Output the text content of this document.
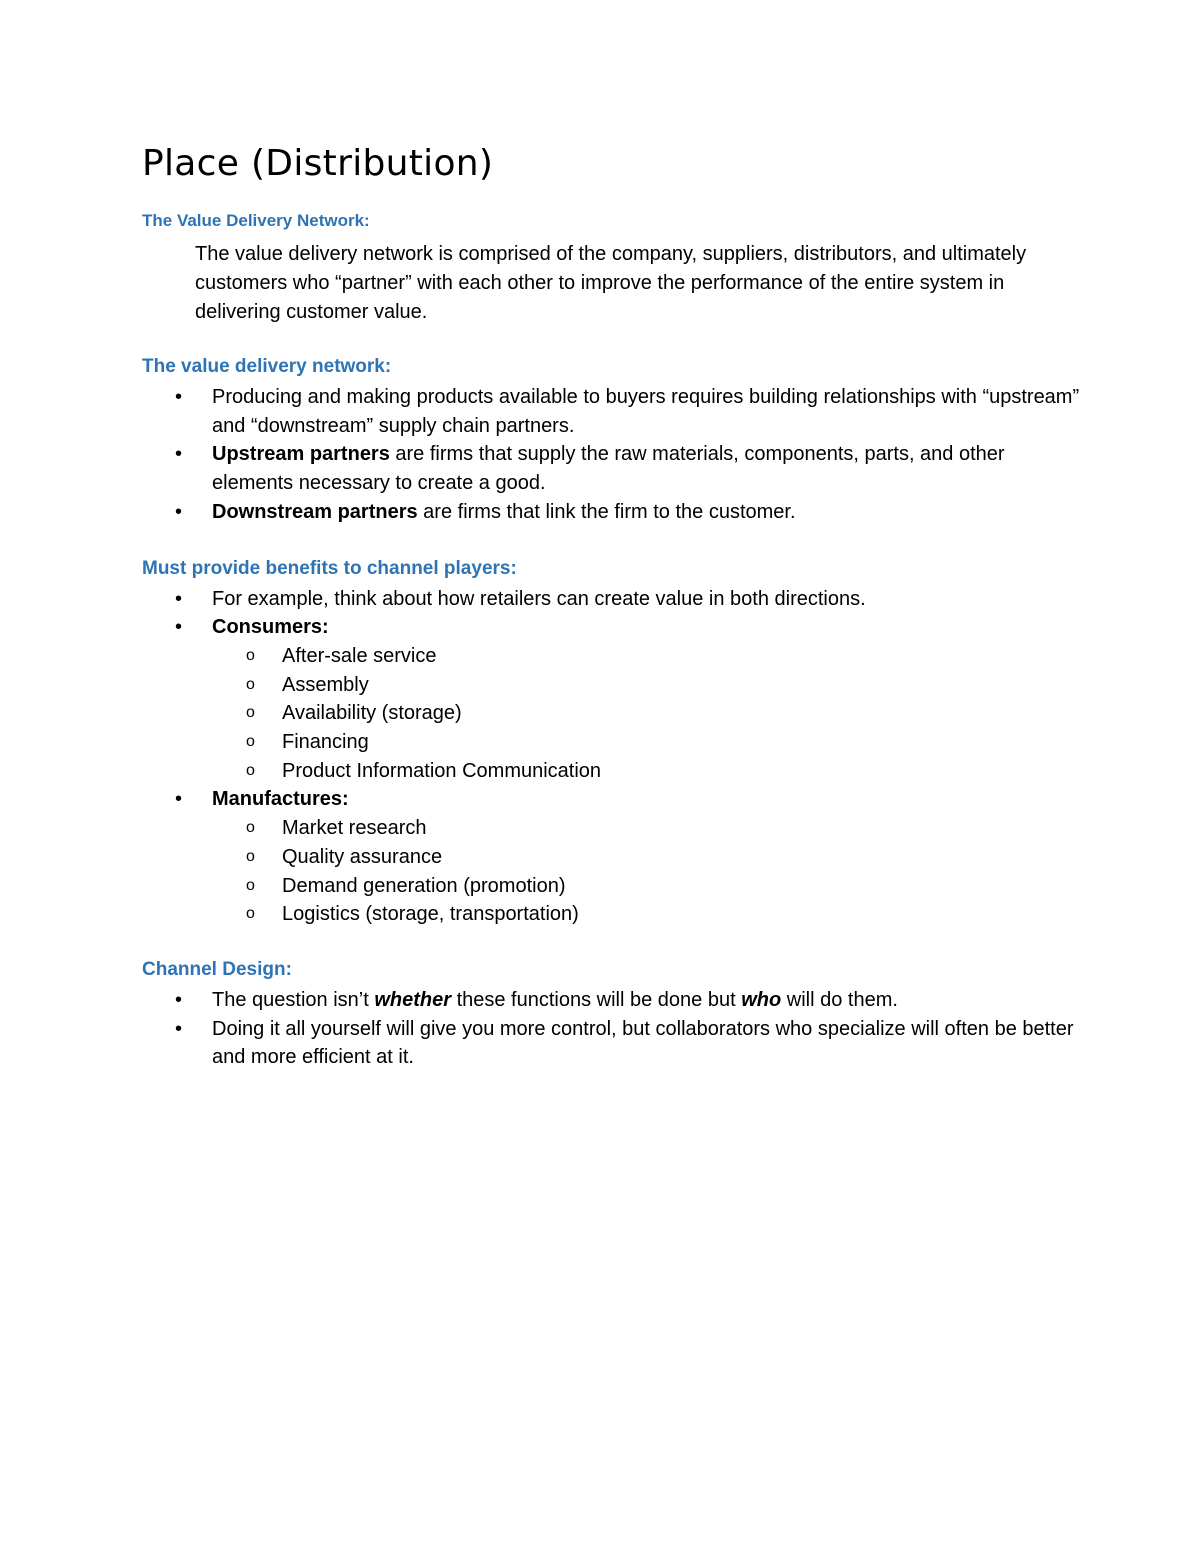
Place (Distribution)
The Value Delivery Network:

The value delivery network is comprised of the company, suppliers, distributors, and ultimately customers who “partner” with each other to improve the performance of the entire system in delivering customer value.

The value delivery network:
• Producing and making products available to buyers requires building relationships with “upstream” and “downstream” supply chain partners.
• Upstream partners are firms that supply the raw materials, components, parts, and other elements necessary to create a good.
• Downstream partners are firms that link the firm to the customer.
Must provide benefits to channel players:
• For example, think about how retailers can create value in both directions.
• Consumers:
o After-sale service
o Assembly
o Availability (storage)
o Financing
o Product Information Communication
• Manufactures:
o Market research
o Quality assurance
o Demand generation (promotion)
o Logistics (storage, transportation)
Channel Design:
• The question isn’t whether these functions will be done but who will do them.
• Doing it all yourself will give you more control, but collaborators who specialize will often be better and more efficient at it.
